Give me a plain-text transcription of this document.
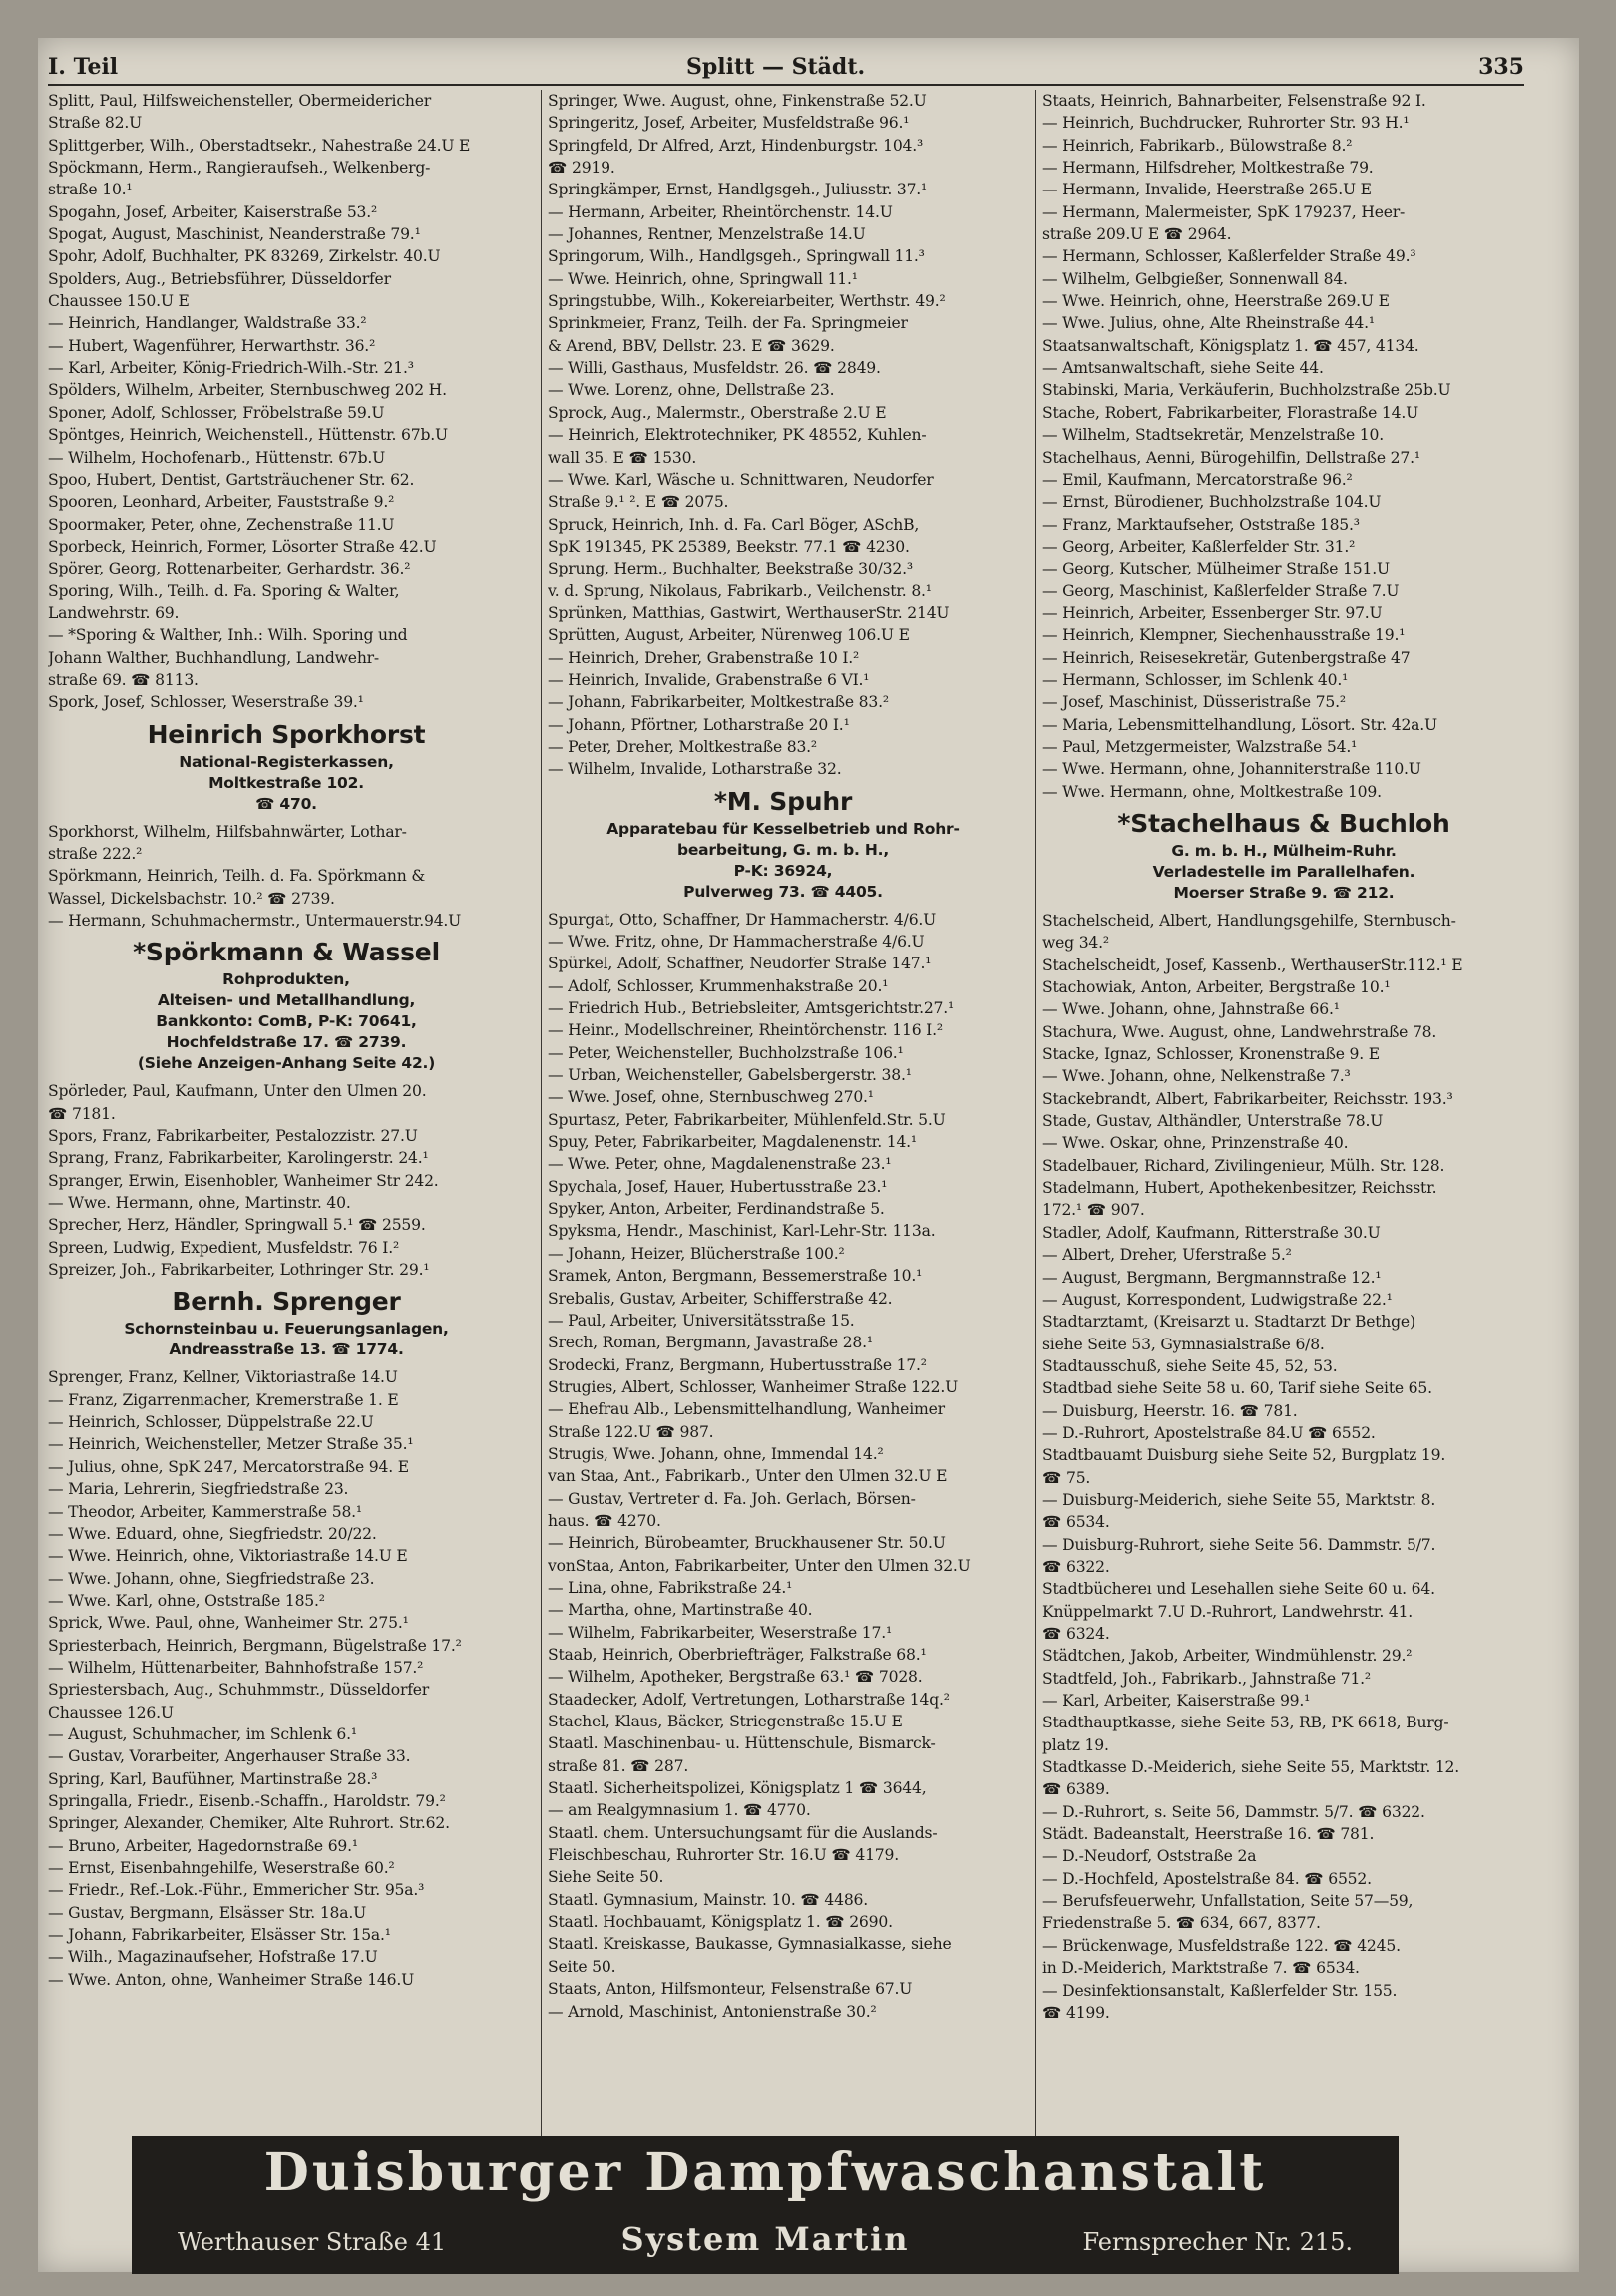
I. Teil	Splitt — Städt.	335

Splitt, Paul, Hilfsweichensteller, Obermeidericher

Straße 82.U

Splittgerber, Wilh., Oberstadtsekr., Nahestraße 24.U E

Spöckmann, Herm., Rangieraufseh., Welkenberg-

straße 10.¹

Spogahn, Josef, Arbeiter, Kaiserstraße 53.²

Spogat, August, Maschinist, Neanderstraße 79.¹

Spohr, Adolf, Buchhalter, PK 83269, Zirkelstr. 40.U

Spolders, Aug., Betriebsführer, Düsseldorfer

Chaussee 150.U E

— Heinrich, Handlanger, Waldstraße 33.²

— Hubert, Wagenführer, Herwarthstr. 36.²

— Karl, Arbeiter, König-Friedrich-Wilh.-Str. 21.³

Spölders, Wilhelm, Arbeiter, Sternbuschweg 202 H.

Sponer, Adolf, Schlosser, Fröbelstraße 59.U

Spöntges, Heinrich, Weichenstell., Hüttenstr. 67b.U

— Wilhelm, Hochofenarb., Hüttenstr. 67b.U

Spoo, Hubert, Dentist, Gartsträuchener Str. 62.

Spooren, Leonhard, Arbeiter, Fauststraße 9.²

Spoormaker, Peter, ohne, Zechenstraße 11.U

Sporbeck, Heinrich, Former, Lösorter Straße 42.U

Spörer, Georg, Rottenarbeiter, Gerhardstr. 36.²

Sporing, Wilh., Teilh. d. Fa. Sporing & Walter,

Landwehrstr. 69.

— *Sporing & Walther, Inh.: Wilh. Sporing und

Johann Walther, Buchhandlung, Landwehr-

straße 69. ☎ 8113.

Spork, Josef, Schlosser, Weserstraße 39.¹

Heinrich Sporkhorst

National-Registerkassen,

Moltkestraße 102.

☎ 470.

Sporkhorst, Wilhelm, Hilfsbahnwärter, Lothar-

straße 222.²

Spörkmann, Heinrich, Teilh. d. Fa. Spörkmann &

Wassel, Dickelsbachstr. 10.² ☎ 2739.

— Hermann, Schuhmachermstr., Untermauerstr.94.U

*Spörkmann & Wassel

Rohprodukten,

Alteisen- und Metallhandlung,

Bankkonto: ComB, P-K: 70641,

Hochfeldstraße 17. ☎ 2739.

(Siehe Anzeigen-Anhang Seite 42.)

Spörleder, Paul, Kaufmann, Unter den Ulmen 20.

☎ 7181.

Spors, Franz, Fabrikarbeiter, Pestalozzistr. 27.U

Sprang, Franz, Fabrikarbeiter, Karolingerstr. 24.¹

Spranger, Erwin, Eisenhobler, Wanheimer Str 242.

— Wwe. Hermann, ohne, Martinstr. 40.

Sprecher, Herz, Händler, Springwall 5.¹ ☎ 2559.

Spreen, Ludwig, Expedient, Musfeldstr. 76 I.²

Spreizer, Joh., Fabrikarbeiter, Lothringer Str. 29.¹

Bernh. Sprenger

Schornsteinbau u. Feuerungsanlagen,

Andreasstraße 13. ☎ 1774.

Sprenger, Franz, Kellner, Viktoriastraße 14.U

— Franz, Zigarrenmacher, Kremerstraße 1. E

— Heinrich, Schlosser, Düppelstraße 22.U

— Heinrich, Weichensteller, Metzer Straße 35.¹

— Julius, ohne, SpK 247, Mercatorstraße 94. E

— Maria, Lehrerin, Siegfriedstraße 23.

— Theodor, Arbeiter, Kammerstraße 58.¹

— Wwe. Eduard, ohne, Siegfriedstr. 20/22.

— Wwe. Heinrich, ohne, Viktoriastraße 14.U E

— Wwe. Johann, ohne, Siegfriedstraße 23.

— Wwe. Karl, ohne, Oststraße 185.²

Sprick, Wwe. Paul, ohne, Wanheimer Str. 275.¹

Spriesterbach, Heinrich, Bergmann, Bügelstraße 17.²

— Wilhelm, Hüttenarbeiter, Bahnhofstraße 157.²

Spriestersbach, Aug., Schuhmmstr., Düsseldorfer

Chaussee 126.U

— August, Schuhmacher, im Schlenk 6.¹

— Gustav, Vorarbeiter, Angerhauser Straße 33.

Spring, Karl, Baufühner, Martinstraße 28.³

Springalla, Friedr., Eisenb.-Schaffn., Haroldstr. 79.²

Springer, Alexander, Chemiker, Alte Ruhrort. Str.62.

— Bruno, Arbeiter, Hagedornstraße 69.¹

— Ernst, Eisenbahngehilfe, Weserstraße 60.²

— Friedr., Ref.-Lok.-Führ., Emmericher Str. 95a.³

— Gustav, Bergmann, Elsässer Str. 18a.U

— Johann, Fabrikarbeiter, Elsässer Str. 15a.¹

— Wilh., Magazinaufseher, Hofstraße 17.U

— Wwe. Anton, ohne, Wanheimer Straße 146.U

Springer, Wwe. August, ohne, Finkenstraße 52.U

Springeritz, Josef, Arbeiter, Musfeldstraße 96.¹

Springfeld, Dr Alfred, Arzt, Hindenburgstr. 104.³

☎ 2919.

Springkämper, Ernst, Handlgsgeh., Juliusstr. 37.¹

— Hermann, Arbeiter, Rheintörchenstr. 14.U

— Johannes, Rentner, Menzelstraße 14.U

Springorum, Wilh., Handlgsgeh., Springwall 11.³

— Wwe. Heinrich, ohne, Springwall 11.¹

Springstubbe, Wilh., Kokereiarbeiter, Werthstr. 49.²

Sprinkmeier, Franz, Teilh. der Fa. Springmeier

& Arend, BBV, Dellstr. 23. E ☎ 3629.

— Willi, Gasthaus, Musfeldstr. 26. ☎ 2849.

— Wwe. Lorenz, ohne, Dellstraße 23.

Sprock, Aug., Malermstr., Oberstraße 2.U E

— Heinrich, Elektrotechniker, PK 48552, Kuhlen-

wall 35. E ☎ 1530.

— Wwe. Karl, Wäsche u. Schnittwaren, Neudorfer

Straße 9.¹ ². E ☎ 2075.

Spruck, Heinrich, Inh. d. Fa. Carl Böger, ASchB,

SpK 191345, PK 25389, Beekstr. 77.1 ☎ 4230.

Sprung, Herm., Buchhalter, Beekstraße 30/32.³

v. d. Sprung, Nikolaus, Fabrikarb., Veilchenstr. 8.¹

Sprünken, Matthias, Gastwirt, WerthauserStr. 214U

Sprütten, August, Arbeiter, Nürenweg 106.U E

— Heinrich, Dreher, Grabenstraße 10 I.²

— Heinrich, Invalide, Grabenstraße 6 VI.¹

— Johann, Fabrikarbeiter, Moltkestraße 83.²

— Johann, Pförtner, Lotharstraße 20 I.¹

— Peter, Dreher, Moltkestraße 83.²

— Wilhelm, Invalide, Lotharstraße 32.

*M. Spuhr

Apparatebau für Kesselbetrieb und Rohr-

bearbeitung, G. m. b. H.,

P-K: 36924,

Pulverweg 73. ☎ 4405.

Spurgat, Otto, Schaffner, Dr Hammacherstr. 4/6.U

— Wwe. Fritz, ohne, Dr Hammacherstraße 4/6.U

Spürkel, Adolf, Schaffner, Neudorfer Straße 147.¹

— Adolf, Schlosser, Krummenhakstraße 20.¹

— Friedrich Hub., Betriebsleiter, Amtsgerichtstr.27.¹

— Heinr., Modellschreiner, Rheintörchenstr. 116 I.²

— Peter, Weichensteller, Buchholzstraße 106.¹

— Urban, Weichensteller, Gabelsbergerstr. 38.¹

— Wwe. Josef, ohne, Sternbuschweg 270.¹

Spurtasz, Peter, Fabrikarbeiter, Mühlenfeld.Str. 5.U

Spuy, Peter, Fabrikarbeiter, Magdalenenstr. 14.¹

— Wwe. Peter, ohne, Magdalenenstraße 23.¹

Spychala, Josef, Hauer, Hubertusstraße 23.¹

Spyker, Anton, Arbeiter, Ferdinandstraße 5.

Spyksma, Hendr., Maschinist, Karl-Lehr-Str. 113a.

— Johann, Heizer, Blücherstraße 100.²

Sramek, Anton, Bergmann, Bessemerstraße 10.¹

Srebalis, Gustav, Arbeiter, Schifferstraße 42.

— Paul, Arbeiter, Universitätsstraße 15.

Srech, Roman, Bergmann, Javastraße 28.¹

Srodecki, Franz, Bergmann, Hubertusstraße 17.²

Strugies, Albert, Schlosser, Wanheimer Straße 122.U

— Ehefrau Alb., Lebensmittelhandlung, Wanheimer

Straße 122.U ☎ 987.

Strugis, Wwe. Johann, ohne, Immendal 14.²

van Staa, Ant., Fabrikarb., Unter den Ulmen 32.U E

— Gustav, Vertreter d. Fa. Joh. Gerlach, Börsen-

haus. ☎ 4270.

— Heinrich, Bürobeamter, Bruckhausener Str. 50.U

vonStaa, Anton, Fabrikarbeiter, Unter den Ulmen 32.U

— Lina, ohne, Fabrikstraße 24.¹

— Martha, ohne, Martinstraße 40.

— Wilhelm, Fabrikarbeiter, Weserstraße 17.¹

Staab, Heinrich, Oberbriefträger, Falkstraße 68.¹

— Wilhelm, Apotheker, Bergstraße 63.¹ ☎ 7028.

Staadecker, Adolf, Vertretungen, Lotharstraße 14q.²

Stachel, Klaus, Bäcker, Striegenstraße 15.U E

Staatl. Maschinenbau- u. Hüttenschule, Bismarck-

straße 81. ☎ 287.

Staatl. Sicherheitspolizei, Königsplatz 1 ☎ 3644,

— am Realgymnasium 1. ☎ 4770.

Staatl. chem. Untersuchungsamt für die Auslands-

Fleischbeschau, Ruhrorter Str. 16.U ☎ 4179.

Siehe Seite 50.

Staatl. Gymnasium, Mainstr. 10. ☎ 4486.

Staatl. Hochbauamt, Königsplatz 1. ☎ 2690.

Staatl. Kreiskasse, Baukasse, Gymnasialkasse, siehe

Seite 50.

Staats, Anton, Hilfsmonteur, Felsenstraße 67.U

— Arnold, Maschinist, Antonienstraße 30.²

Staats, Heinrich, Bahnarbeiter, Felsenstraße 92 I.

— Heinrich, Buchdrucker, Ruhrorter Str. 93 H.¹

— Heinrich, Fabrikarb., Bülowstraße 8.²

— Hermann, Hilfsdreher, Moltkestraße 79.

— Hermann, Invalide, Heerstraße 265.U E

— Hermann, Malermeister, SpK 179237, Heer-

straße 209.U E ☎ 2964.

— Hermann, Schlosser, Kaßlerfelder Straße 49.³

— Wilhelm, Gelbgießer, Sonnenwall 84.

— Wwe. Heinrich, ohne, Heerstraße 269.U E

— Wwe. Julius, ohne, Alte Rheinstraße 44.¹

Staatsanwaltschaft, Königsplatz 1. ☎ 457, 4134.

— Amtsanwaltschaft, siehe Seite 44.

Stabinski, Maria, Verkäuferin, Buchholzstraße 25b.U

Stache, Robert, Fabrikarbeiter, Florastraße 14.U

— Wilhelm, Stadtsekretär, Menzelstraße 10.

Stachelhaus, Aenni, Bürogehilfin, Dellstraße 27.¹

— Emil, Kaufmann, Mercatorstraße 96.²

— Ernst, Bürodiener, Buchholzstraße 104.U

— Franz, Marktaufseher, Oststraße 185.³

— Georg, Arbeiter, Kaßlerfelder Str. 31.²

— Georg, Kutscher, Mülheimer Straße 151.U

— Georg, Maschinist, Kaßlerfelder Straße 7.U

— Heinrich, Arbeiter, Essenberger Str. 97.U

— Heinrich, Klempner, Siechenhausstraße 19.¹

— Heinrich, Reisesekretär, Gutenbergstraße 47

— Hermann, Schlosser, im Schlenk 40.¹

— Josef, Maschinist, Düsseristraße 75.²

— Maria, Lebensmittelhandlung, Lösort. Str. 42a.U

— Paul, Metzgermeister, Walzstraße 54.¹

— Wwe. Hermann, ohne, Johanniterstraße 110.U

— Wwe. Hermann, ohne, Moltkestraße 109.

*Stachelhaus & Buchloh

G. m. b. H., Mülheim-Ruhr.

Verladestelle im Parallelhafen.

Moerser Straße 9. ☎ 212.

Stachelscheid, Albert, Handlungsgehilfe, Sternbusch-

weg 34.²

Stachelscheidt, Josef, Kassenb., WerthauserStr.112.¹ E

Stachowiak, Anton, Arbeiter, Bergstraße 10.¹

— Wwe. Johann, ohne, Jahnstraße 66.¹

Stachura, Wwe. August, ohne, Landwehrstraße 78.

Stacke, Ignaz, Schlosser, Kronenstraße 9. E

— Wwe. Johann, ohne, Nelkenstraße 7.³

Stackebrandt, Albert, Fabrikarbeiter, Reichsstr. 193.³

Stade, Gustav, Althändler, Unterstraße 78.U

— Wwe. Oskar, ohne, Prinzenstraße 40.

Stadelbauer, Richard, Zivilingenieur, Mülh. Str. 128.

Stadelmann, Hubert, Apothekenbesitzer, Reichsstr.

172.¹ ☎ 907.

Stadler, Adolf, Kaufmann, Ritterstraße 30.U

— Albert, Dreher, Uferstraße 5.²

— August, Bergmann, Bergmannstraße 12.¹

— August, Korrespondent, Ludwigstraße 22.¹

Stadtarztamt, (Kreisarzt u. Stadtarzt Dr Bethge)

siehe Seite 53, Gymnasialstraße 6/8.

Stadtausschuß, siehe Seite 45, 52, 53.

Stadtbad siehe Seite 58 u. 60, Tarif siehe Seite 65.

— Duisburg, Heerstr. 16. ☎ 781.

— D.-Ruhrort, Apostelstraße 84.U ☎ 6552.

Stadtbauamt Duisburg siehe Seite 52, Burgplatz 19.

☎ 75.

— Duisburg-Meiderich, siehe Seite 55, Marktstr. 8.

☎ 6534.

— Duisburg-Ruhrort, siehe Seite 56. Dammstr. 5/7.

☎ 6322.

Stadtbüchereı und Lesehallen siehe Seite 60 u. 64.

Knüppelmarkt 7.U D.-Ruhrort, Landwehrstr. 41.

☎ 6324.

Städtchen, Jakob, Arbeiter, Windmühlenstr. 29.²

Stadtfeld, Joh., Fabrikarb., Jahnstraße 71.²

— Karl, Arbeiter, Kaiserstraße 99.¹

Stadthauptkasse, siehe Seite 53, RB, PK 6618, Burg-

platz 19.

Stadtkasse D.-Meiderich, siehe Seite 55, Marktstr. 12.

☎ 6389.

— D.-Ruhrort, s. Seite 56, Dammstr. 5/7. ☎ 6322.

Städt. Badeanstalt, Heerstraße 16. ☎ 781.

— D.-Neudorf, Oststraße 2a

— D.-Hochfeld, Apostelstraße 84. ☎ 6552.

— Berufsfeuerwehr, Unfallstation, Seite 57—59,

Friedenstraße 5. ☎ 634, 667, 8377.

— Brückenwage, Musfeldstraße 122. ☎ 4245.

in D.-Meiderich, Marktstraße 7. ☎ 6534.

— Desinfektionsanstalt, Kaßlerfelder Str. 155.

☎ 4199.

Duisburger Dampfwaschanstalt
Werthauser Straße 41	System Martin	Fernsprecher Nr. 215.
